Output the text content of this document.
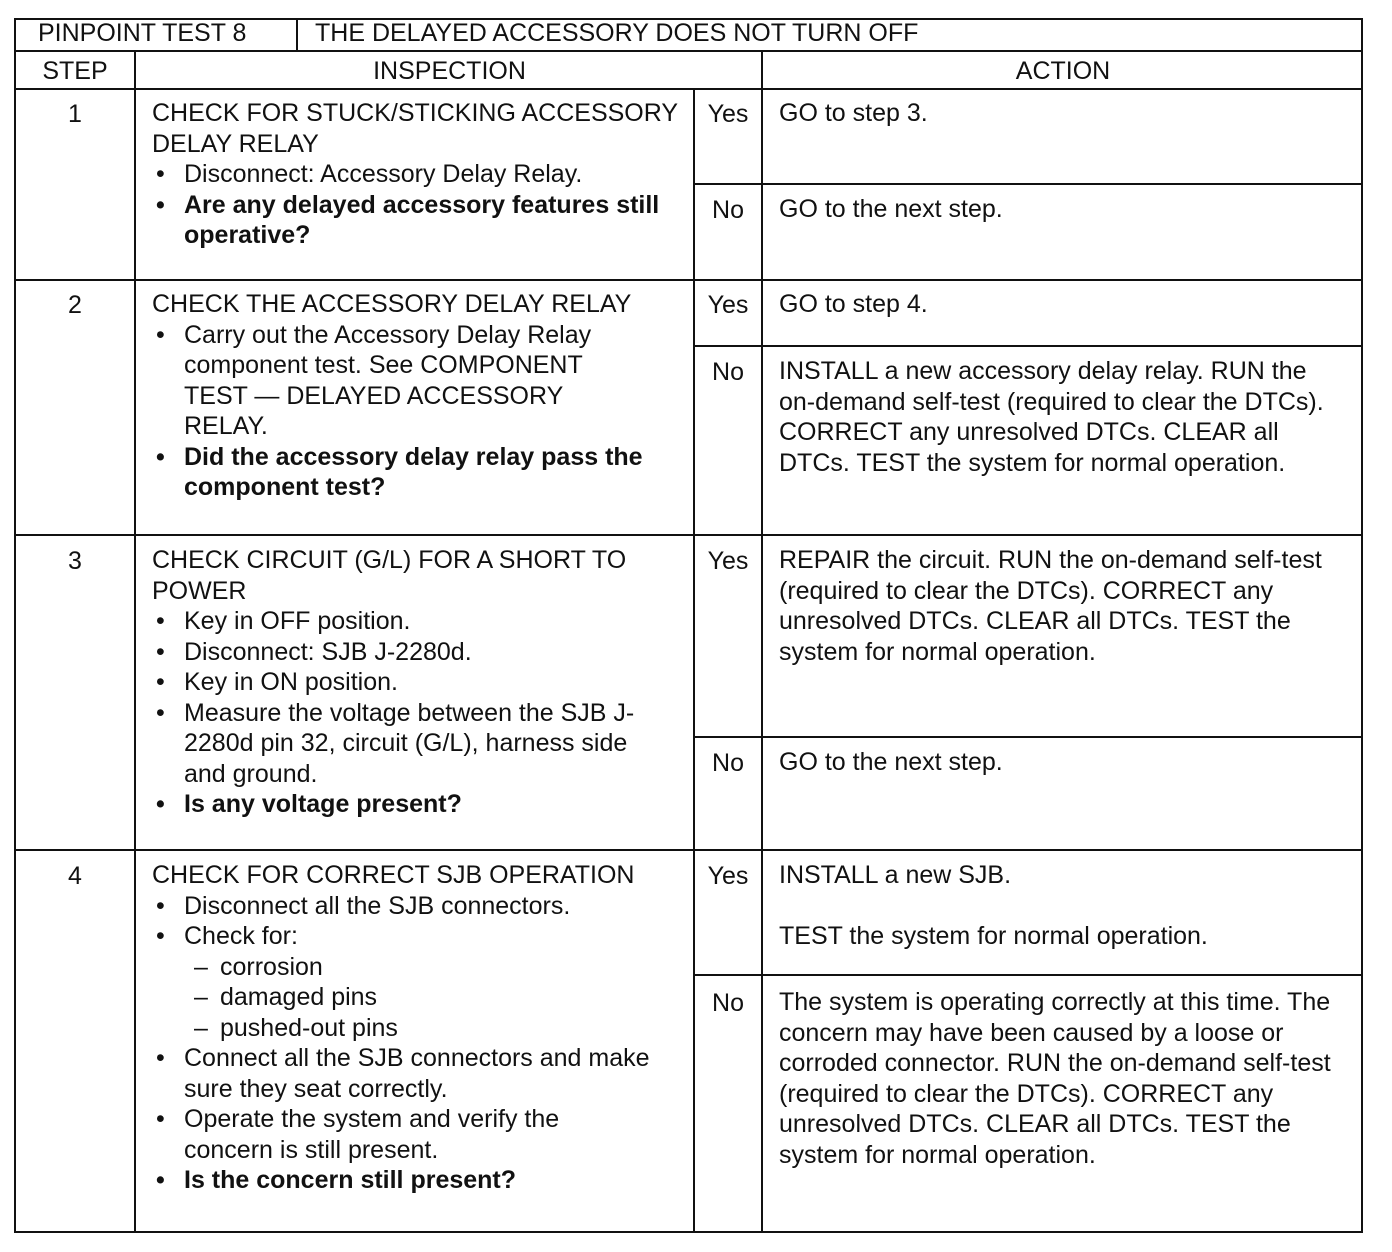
PINPOINT TEST 8	THE DELAYED ACCESSORY DOES NOT TURN OFF
STEP	INSPECTION	ACTION
1	CHECK FOR STUCK/STICKING ACCESSORY DELAY RELAY
• Disconnect: Accessory Delay Relay.
• Are any delayed accessory features still operative?
Yes	GO to step 3.
No	GO to the next step.
2	CHECK THE ACCESSORY DELAY RELAY
• Carry out the Accessory Delay Relay component test. See COMPONENT TEST — DELAYED ACCESSORY RELAY.
• Did the accessory delay relay pass the component test?
Yes	GO to step 4.
No	INSTALL a new accessory delay relay. RUN the on-demand self-test (required to clear the DTCs). CORRECT any unresolved DTCs. CLEAR all DTCs. TEST the system for normal operation.
3	CHECK CIRCUIT (G/L) FOR A SHORT TO POWER
• Key in OFF position.
• Disconnect: SJB J-2280d.
• Key in ON position.
• Measure the voltage between the SJB J-2280d pin 32, circuit (G/L), harness side and ground.
• Is any voltage present?
Yes	REPAIR the circuit. RUN the on-demand self-test (required to clear the DTCs). CORRECT any unresolved DTCs. CLEAR all DTCs. TEST the system for normal operation.
No	GO to the next step.
4	CHECK FOR CORRECT SJB OPERATION
• Disconnect all the SJB connectors.
• Check for:
– corrosion
– damaged pins
– pushed-out pins
• Connect all the SJB connectors and make sure they seat correctly.
• Operate the system and verify the concern is still present.
• Is the concern still present?
Yes	INSTALL a new SJB.
TEST the system for normal operation.
No	The system is operating correctly at this time. The concern may have been caused by a loose or corroded connector. RUN the on-demand self-test (required to clear the DTCs). CORRECT any unresolved DTCs. CLEAR all DTCs. TEST the system for normal operation.
